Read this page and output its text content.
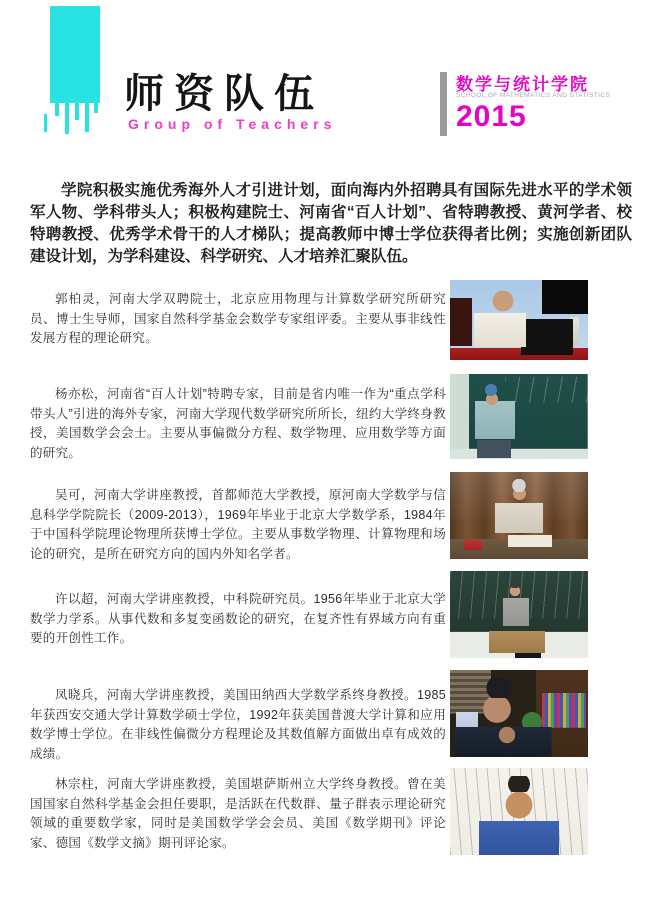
师资队伍
Group of Teachers
数学与统计学院
SCHOOL OF MATHEMATICS AND STATISTICS
2015

学院积极实施优秀海外人才引进计划，面向海内外招聘具有国际先进水平的学术领军人物、学科带头人；积极构建院士、河南省“百人计划”、省特聘教授、黄河学者、校特聘教授、优秀学术骨干的人才梯队；提高教师中博士学位获得者比例；实施创新团队建设计划，为学科建设、科学研究、人才培养汇聚队伍。

郭柏灵，河南大学双聘院士，北京应用物理与计算数学研究所研究员、博士生导师，国家自然科学基金会数学专家组评委。主要从事非线性发展方程的理论研究。

杨亦松，河南省“百人计划”特聘专家，目前是省内唯一作为“重点学科带头人”引进的海外专家，河南大学现代数学研究所所长，纽约大学终身教授，美国数学会会士。主要从事偏微分方程、数学物理、应用数学等方面的研究。

吴可，河南大学讲座教授，首都师范大学教授，原河南大学数学与信息科学学院院长（2009-2013），1969年毕业于北京大学数学系，1984年于中国科学院理论物理所获博士学位。主要从事数学物理、计算物理和场论的研究，是所在研究方向的国内外知名学者。

许以超，河南大学讲座教授，中科院研究员。1956年毕业于北京大学数学力学系。从事代数和多复变函数论的研究，在复齐性有界域方向有重要的开创性工作。

凤晓兵，河南大学讲座教授，美国田纳西大学数学系终身教授。1985年获西安交通大学计算数学硕士学位，1992年获美国普渡大学计算和应用数学博士学位。在非线性偏微分方程理论及其数值解方面做出卓有成效的成绩。

林宗柱，河南大学讲座教授，美国堪萨斯州立大学终身教授。曾在美国国家自然科学基金会担任要职，是活跃在代数群、量子群表示理论研究领域的重要数学家，同时是美国数学学会会员、美国《数学期刊》评论家、德国《数学文摘》期刊评论家。
